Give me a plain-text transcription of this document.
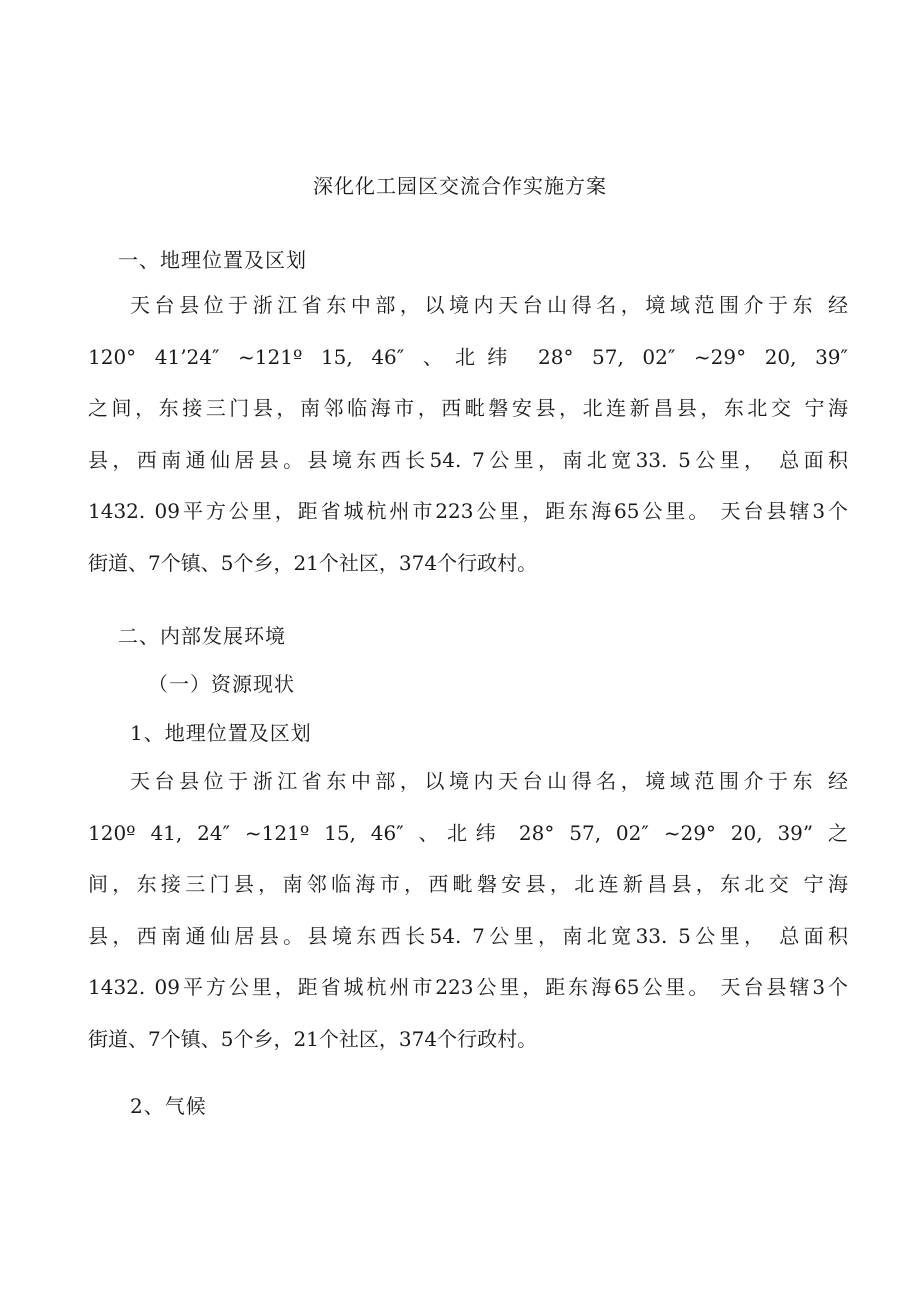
深化化工园区交流合作实施方案
一、地理位置及区划
天台县位于浙江省东中部，以境内天台山得名，境域范围介于东 经
120° 41’24″ ~121º 15, 46″ 、北纬 28° 57, 02″ ~29° 20, 39″
之间，东接三门县，南邻临海市，西毗磐安县，北连新昌县，东北交 宁海
县，西南通仙居县。县境东西长54. 7公里，南北宽33. 5公里， 总面积
1432. 09平方公里，距省城杭州市223公里，距东海65公里。 天台县辖3个
街道、7个镇、5个乡，21个社区，374个行政村。
二、内部发展环境
（一）资源现状
1、地理位置及区划
天台县位于浙江省东中部，以境内天台山得名，境域范围介于东 经
120º 41, 24″ ~121º 15, 46″ 、北纬 28° 57, 02″ ~29° 20, 39” 之
间，东接三门县，南邻临海市，西毗磐安县，北连新昌县，东北交 宁海
县，西南通仙居县。县境东西长54. 7公里，南北宽33. 5公里， 总面积
1432. 09平方公里，距省城杭州市223公里，距东海65公里。 天台县辖3个
街道、7个镇、5个乡，21个社区，374个行政村。
2、气候
